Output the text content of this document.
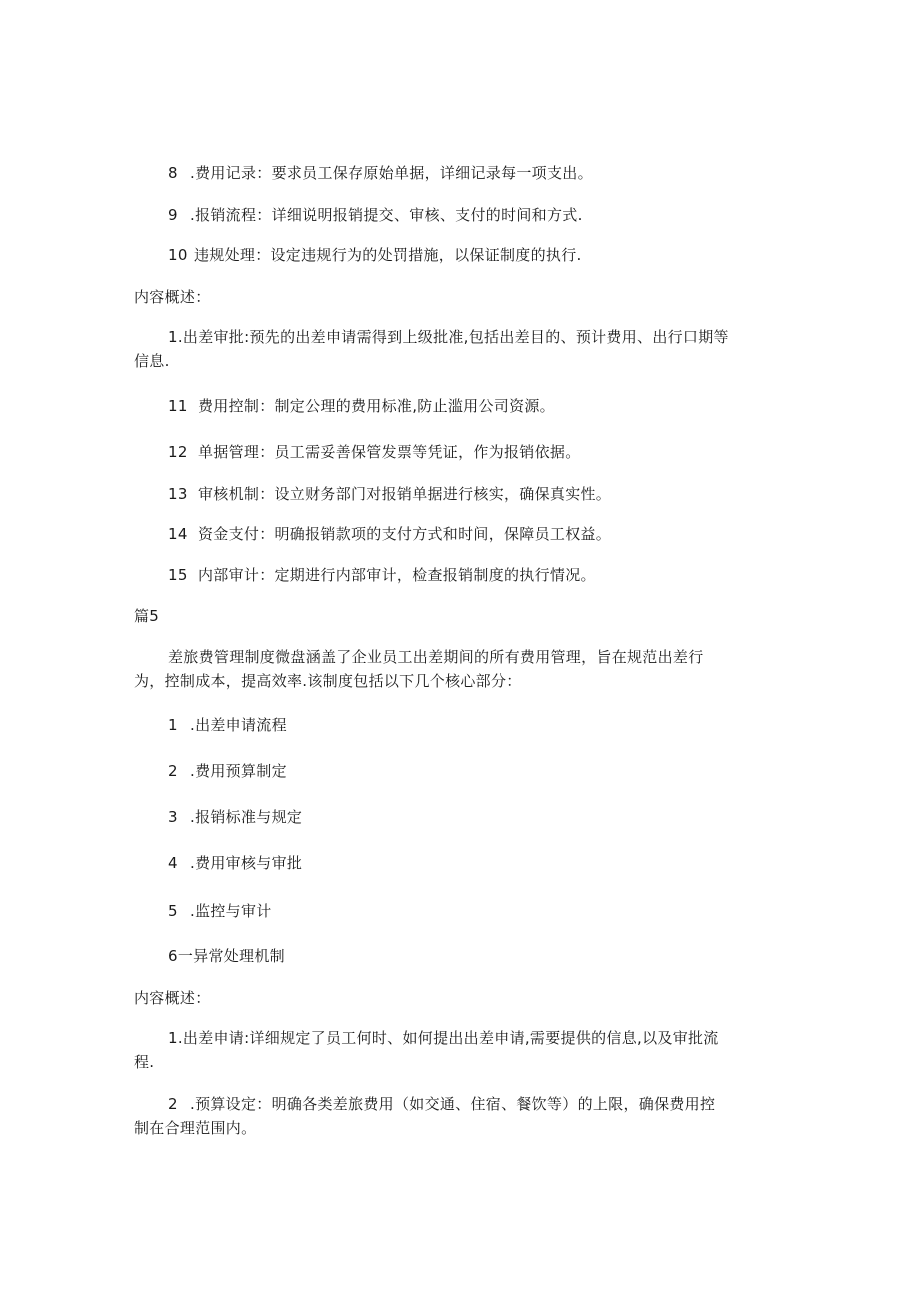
8 .费用记录：要求员工保存原始单据，详细记录每一项支出。
9 .报销流程：详细说明报销提交、审核、支付的时间和方式.
10 违规处理：设定违规行为的处罚措施，以保证制度的执行.
内容概述：
1.出差审批:预先的出差申请需得到上级批准,包括出差目的、预计费用、出行口期等
信息.
11 费用控制：制定公理的费用标准,防止滥用公司资源。
12 单据管理：员工需妥善保管发票等凭证，作为报销依据。
13 审核机制：设立财务部门对报销单据进行核实，确保真实性。
14 资金支付：明确报销款项的支付方式和时间，保障员工权益。
15 内部审计：定期进行内部审计，检查报销制度的执行情况。
篇5
差旅费管理制度微盘涵盖了企业员工出差期间的所有费用管理，旨在规范出差行
为，控制成本，提高效率.该制度包括以下几个核心部分：
1 .出差申请流程
2 .费用预算制定
3 .报销标准与规定
4 .费用审核与审批
5 .监控与审计
6一异常处理机制
内容概述：
1.出差申请:详细规定了员工何时、如何提出出差申请,需要提供的信息,以及审批流
程.
2 .预算设定：明确各类差旅费用（如交通、住宿、餐饮等）的上限，确保费用控
制在合理范围内。
